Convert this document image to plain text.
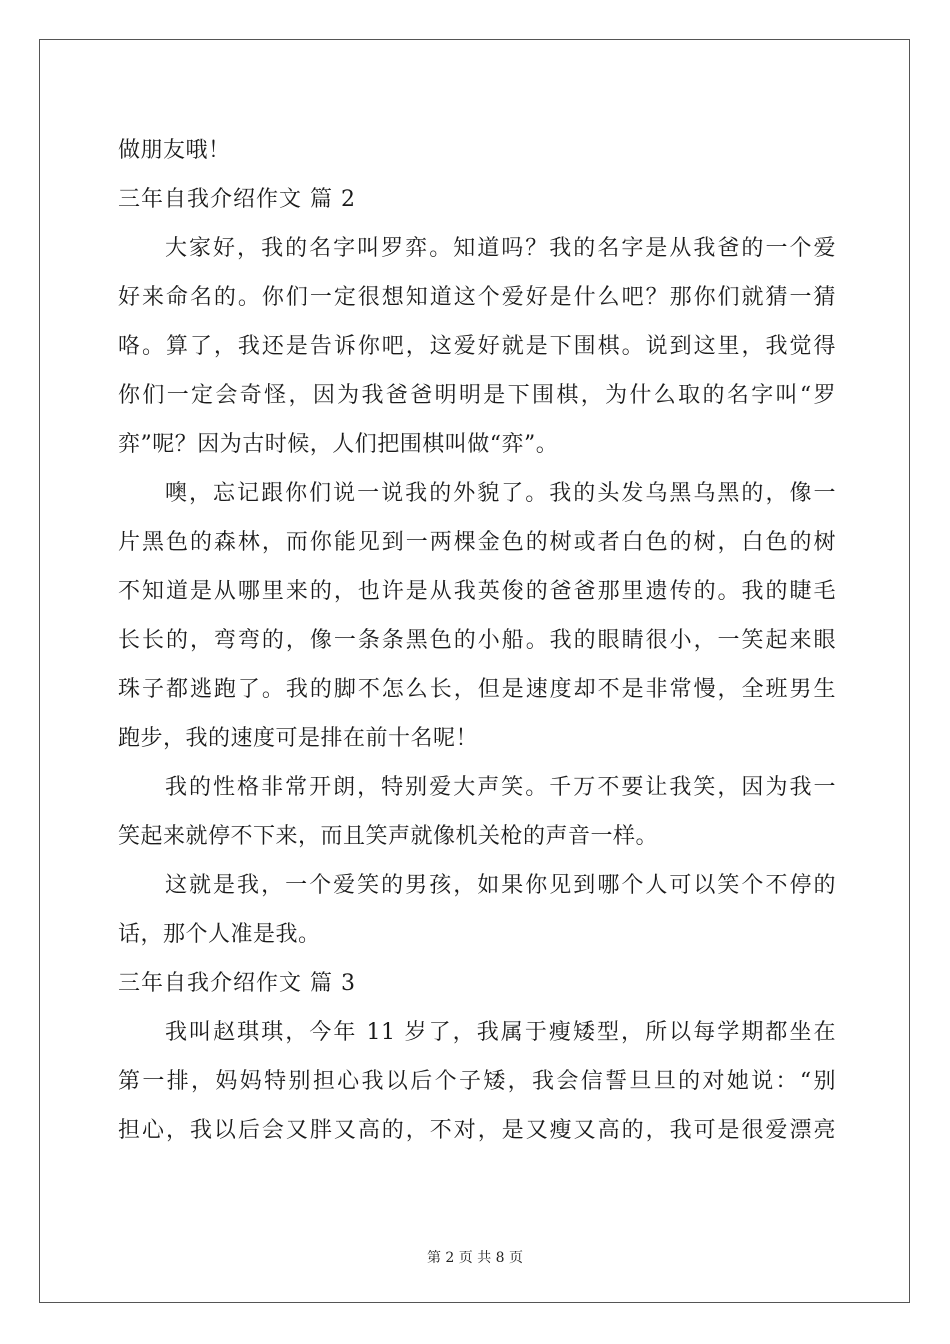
做朋友哦！
三年自我介绍作文 篇 2
大家好，我的名字叫罗弈。知道吗？我的名字是从我爸的一个爱
好来命名的。你们一定很想知道这个爱好是什么吧？那你们就猜一猜
咯。算了，我还是告诉你吧，这爱好就是下围棋。说到这里，我觉得
你们一定会奇怪，因为我爸爸明明是下围棋，为什么取的名字叫“罗
弈”呢？因为古时候，人们把围棋叫做“弈”。
噢，忘记跟你们说一说我的外貌了。我的头发乌黑乌黑的，像一
片黑色的森林，而你能见到一两棵金色的树或者白色的树，白色的树
不知道是从哪里来的，也许是从我英俊的爸爸那里遗传的。我的睫毛
长长的，弯弯的，像一条条黑色的小船。我的眼睛很小，一笑起来眼
珠子都逃跑了。我的脚不怎么长，但是速度却不是非常慢，全班男生
跑步，我的速度可是排在前十名呢！
我的性格非常开朗，特别爱大声笑。千万不要让我笑，因为我一
笑起来就停不下来，而且笑声就像机关枪的声音一样。
这就是我，一个爱笑的男孩，如果你见到哪个人可以笑个不停的
话，那个人准是我。
三年自我介绍作文 篇 3
我叫赵琪琪，今年 11 岁了，我属于瘦矮型，所以每学期都坐在
第一排，妈妈特别担心我以后个子矮，我会信誓旦旦的对她说：“别
担心，我以后会又胖又高的，不对，是又瘦又高的，我可是很爱漂亮
第 2 页 共 8 页
